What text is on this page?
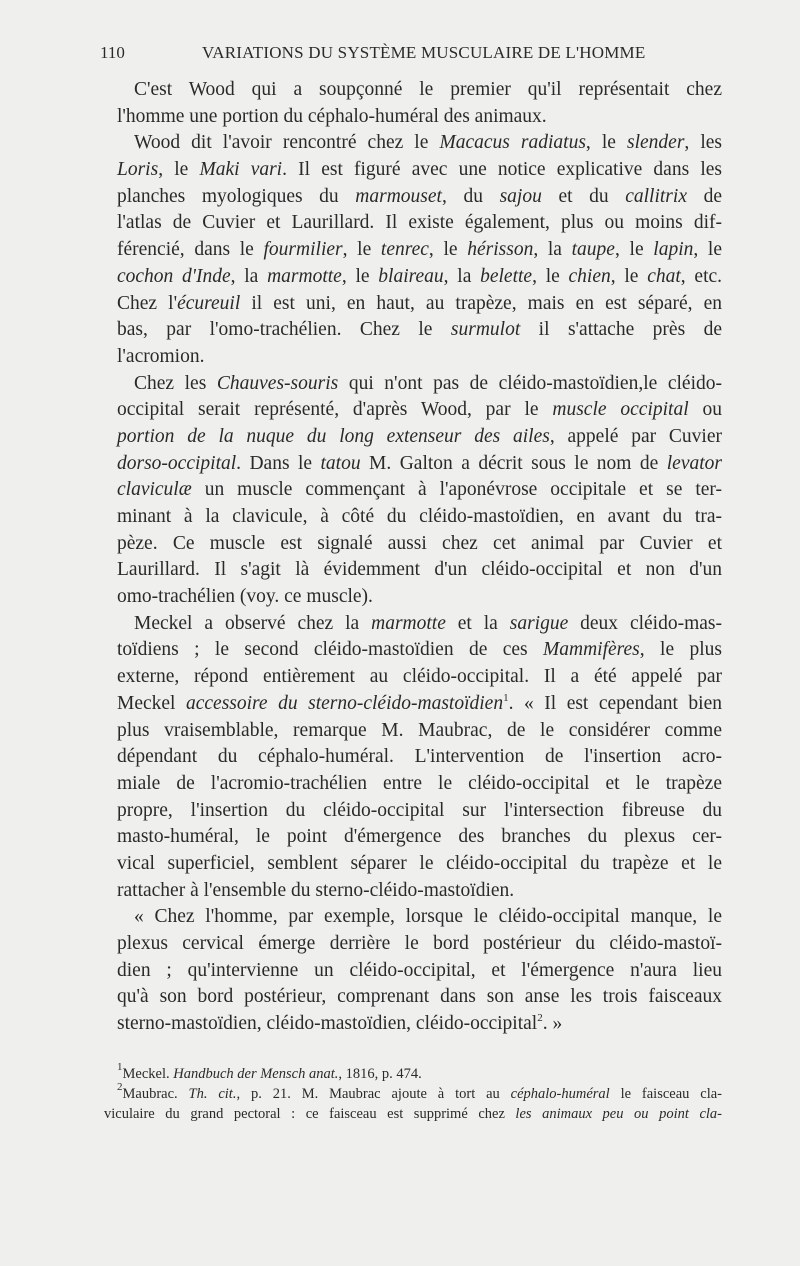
110	VARIATIONS DU SYSTÈME MUSCULAIRE DE L'HOMME
C'est Wood qui a soupçonné le premier qu'il représentait chez
l'homme une portion du céphalo-huméral des animaux.
Wood dit l'avoir rencontré chez le Macacus radiatus, le slender, les
Loris, le Maki vari. Il est figuré avec une notice explicative dans les
planches myologiques du marmouset, du sajou et du callitrix de
l'atlas de Cuvier et Laurillard. Il existe également, plus ou moins dif-
férencié, dans le fourmilier, le tenrec, le hérisson, la taupe, le lapin, le
cochon d'Inde, la marmotte, le blaireau, la belette, le chien, le chat, etc.
Chez l'écureuil il est uni, en haut, au trapèze, mais en est séparé, en
bas, par l'omo-trachélien. Chez le surmulot il s'attache près de
l'acromion.
Chez les Chauves-souris qui n'ont pas de cléido-mastoïdien,le cléido-
occipital serait représenté, d'après Wood, par le muscle occipital ou
portion de la nuque du long extenseur des ailes, appelé par Cuvier
dorso-occipital. Dans le tatou M. Galton a décrit sous le nom de levator
claviculæ un muscle commençant à l'aponévrose occipitale et se ter-
minant à la clavicule, à côté du cléido-mastoïdien, en avant du tra-
pèze. Ce muscle est signalé aussi chez cet animal par Cuvier et
Laurillard. Il s'agit là évidemment d'un cléido-occipital et non d'un
omo-trachélien (voy. ce muscle).
Meckel a observé chez la marmotte et la sarigue deux cléido-mas-
toïdiens ; le second cléido-mastoïdien de ces Mammifères, le plus
externe, répond entièrement au cléido-occipital. Il a été appelé par
Meckel accessoire du sterno-cléido-mastoïdien$^1$. « Il est cependant bien
plus vraisemblable, remarque M. Maubrac, de le considérer comme
dépendant du céphalo-huméral. L'intervention de l'insertion acro-
miale de l'acromio-trachélien entre le cléido-occipital et le trapèze
propre, l'insertion du cléido-occipital sur l'intersection fibreuse du
masto-huméral, le point d'émergence des branches du plexus cer-
vical superficiel, semblent séparer le cléido-occipital du trapèze et le
rattacher à l'ensemble du sterno-cléido-mastoïdien.
« Chez l'homme, par exemple, lorsque le cléido-occipital manque, le
plexus cervical émerge derrière le bord postérieur du cléido-mastoï-
dien ; qu'intervienne un cléido-occipital, et l'émergence n'aura lieu
qu'à son bord postérieur, comprenant dans son anse les trois faisceaux
sterno-mastoïdien, cléido-mastoïdien, cléido-occipital$^2$. »
$^1$Meckel. Handbuch der Mensch anat., 1816, p. 474.
$^2$Maubrac. Th. cit., p. 21. M. Maubrac ajoute à tort au céphalo-huméral le faisceau cla-
viculaire du grand pectoral : ce faisceau est supprimé chez les animaux peu ou point cla-
